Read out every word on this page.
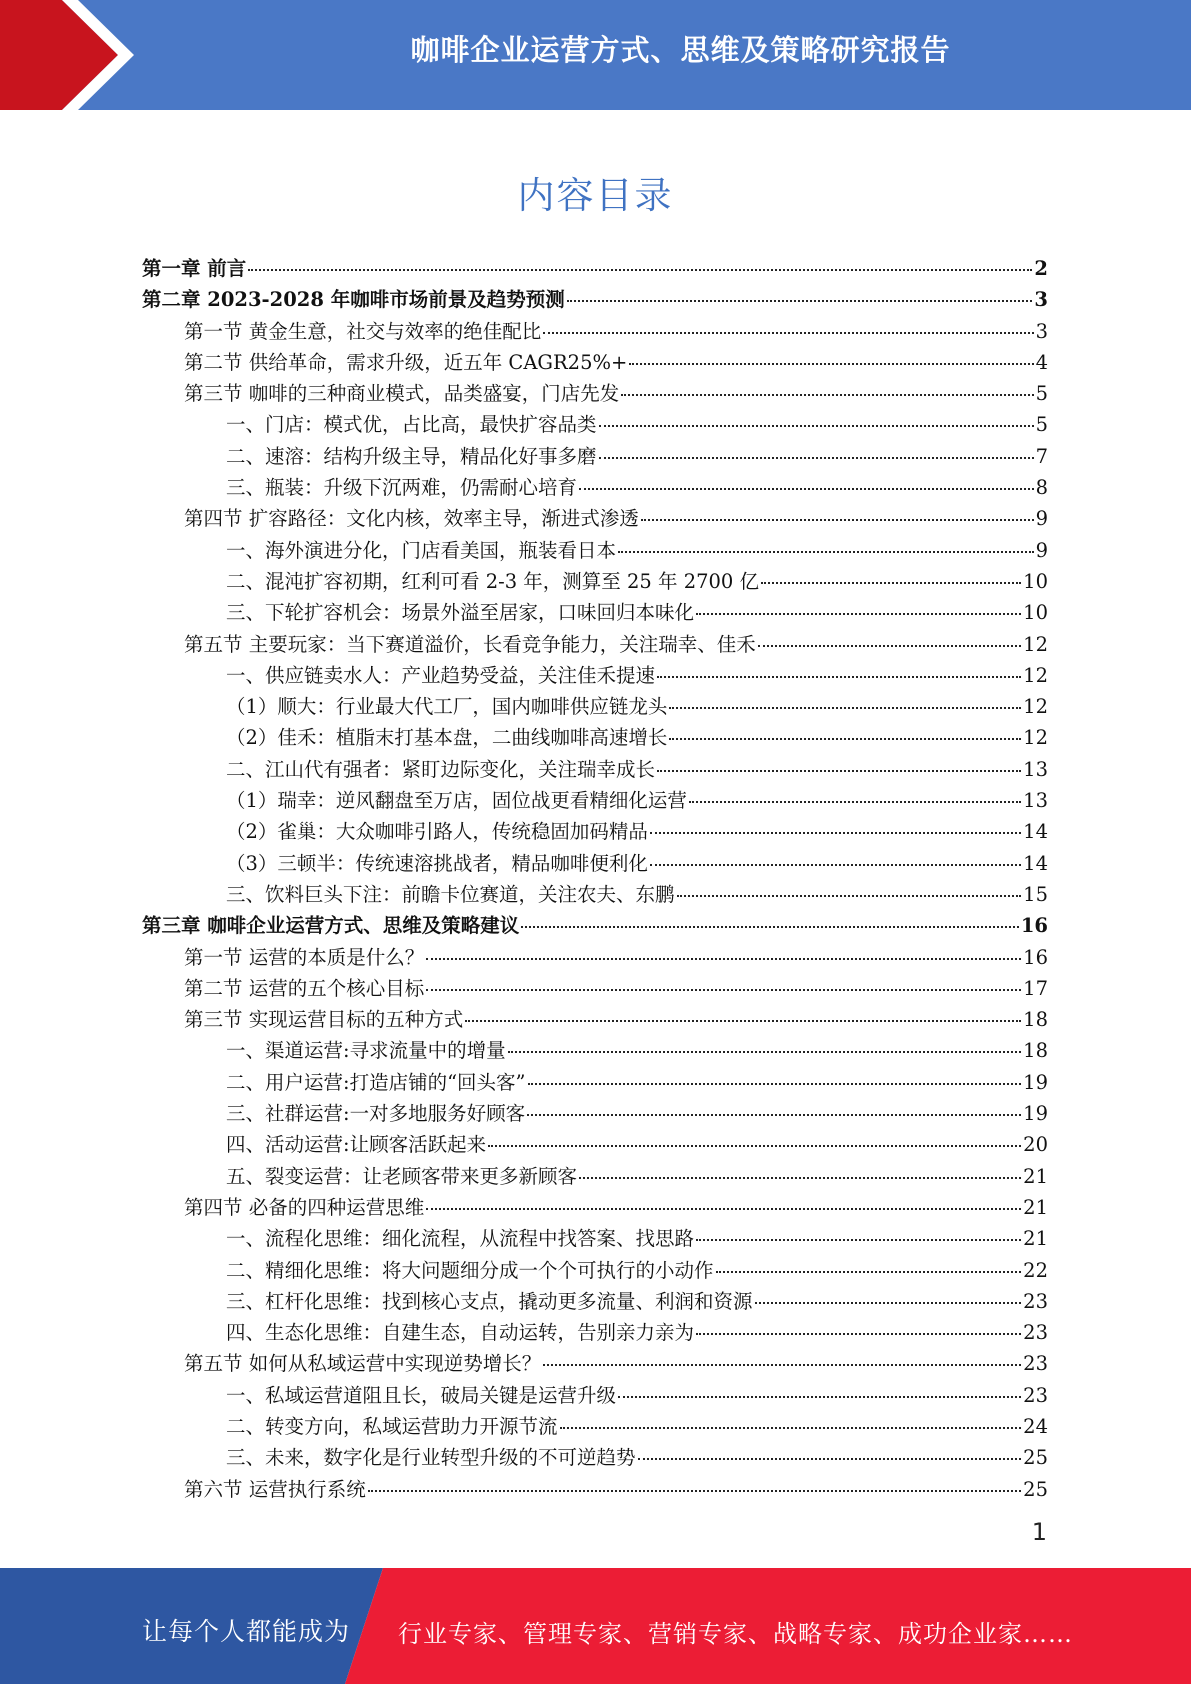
咖啡企业运营方式、思维及策略研究报告
内容目录
第一章 前言	2
第二章 2023-2028 年咖啡市场前景及趋势预测	3
第一节 黄金生意，社交与效率的绝佳配比	3
第二节 供给革命，需求升级，近五年 CAGR25%+	4
第三节 咖啡的三种商业模式，品类盛宴，门店先发	5
一、门店：模式优，占比高，最快扩容品类	5
二、速溶：结构升级主导，精品化好事多磨	7
三、瓶装：升级下沉两难，仍需耐心培育	8
第四节 扩容路径：文化内核，效率主导，渐进式渗透	9
一、海外演进分化，门店看美国，瓶装看日本	9
二、混沌扩容初期，红利可看 2-3 年，测算至 25 年 2700 亿	10
三、下轮扩容机会：场景外溢至居家，口味回归本味化	10
第五节 主要玩家：当下赛道溢价，长看竞争能力，关注瑞幸、佳禾	12
一、供应链卖水人：产业趋势受益，关注佳禾提速	12
（1）顺大：行业最大代工厂，国内咖啡供应链龙头	12
（2）佳禾：植脂末打基本盘，二曲线咖啡高速增长	12
二、江山代有强者：紧盯边际变化，关注瑞幸成长	13
（1）瑞幸：逆风翻盘至万店，固位战更看精细化运营	13
（2）雀巢：大众咖啡引路人，传统稳固加码精品	14
（3）三顿半：传统速溶挑战者，精品咖啡便利化	14
三、饮料巨头下注：前瞻卡位赛道，关注农夫、东鹏	15
第三章 咖啡企业运营方式、思维及策略建议	16
第一节 运营的本质是什么？	16
第二节 运营的五个核心目标	17
第三节 实现运营目标的五种方式	18
一、渠道运营:寻求流量中的增量	18
二、用户运营:打造店铺的“回头客”	19
三、社群运营:一对多地服务好顾客	19
四、活动运营:让顾客活跃起来	20
五、裂变运营：让老顾客带来更多新顾客	21
第四节 必备的四种运营思维	21
一、流程化思维：细化流程，从流程中找答案、找思路	21
二、精细化思维：将大问题细分成一个个可执行的小动作	22
三、杠杆化思维：找到核心支点，撬动更多流量、利润和资源	23
四、生态化思维：自建生态，自动运转，告别亲力亲为	23
第五节 如何从私域运营中实现逆势增长？	23
一、私域运营道阻且长，破局关键是运营升级	23
二、转变方向，私域运营助力开源节流	24
三、未来，数字化是行业转型升级的不可逆趋势	25
第六节 运营执行系统	25
1
让每个人都能成为 行业专家、管理专家、营销专家、战略专家、成功企业家……
